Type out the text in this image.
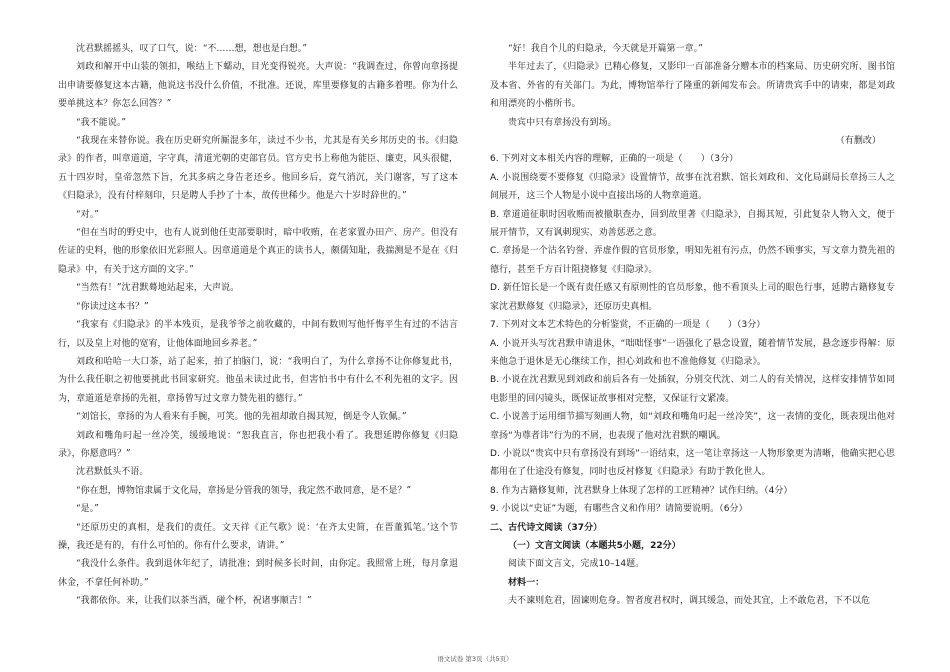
沈君默摇摇头，叹了口气，说：“不……想，想也是白想。”

刘政和解开中山装的领扣，喉结上下蠕动，目光变得锐亮。大声说：“我调查过，你曾向章扬提出申请要修复这本古籍，他说这书没什么价值，不批准。还说，库里要修复的古籍多着哩。你为什么要单挑这本？你怎么回答？”

“我不能说。”

“我现在来替你说。我在历史研究所厮混多年，读过不少书，尤其是有关乡邦历史的书。《归隐录》的作者，叫章道道，字守真，清道光朝的吏部官员。官方史书上称他为能臣、廉吏，风头很健，五十四岁时，皇帝忽然下旨，允其多病之身告老还乡。他回乡后，竟气消沉，关门谢客，写了这本《归隐录》，没有付梓刻印，只是聘人手抄了十本，故传世稀少。他是六十岁时辞世的。”

“对。”

“但在当时的野史中，也有人说到他任吏部要职时，暗中收贿，在老家置办田产、房产。但没有佐证的史料，他的形象依旧光彩照人。因章道道是个真正的读书人，颇儒知耻，我揣测是不是在《归隐录》中，有关于这方面的文字。”

“当然有！”沈君默蓦地站起来，大声说。

“你读过这本书？”

“我家有《归隐录》的半本残页，是我爷爷之前收藏的，中间有数则写他忏悔平生有过的不洁言行，以及皇上对他的宽宥，让他体面地回乡养老。”

刘政和哈哈一大口茶，站了起来，拍了拍脑门，说：“我明白了，为什么章扬不让你修复此书，为什么我任职之初他要挑此书回家研究。他虽未读过此书，但害怕书中有什么不利先祖的文字。因为，章道道是章扬的先祖，章扬曾写过文章力赞先祖的德行。”

“刘馆长，章扬的为人看来有手腕，可笑。他的先祖却敢自揭其短，倒是令人钦佩。”

刘政和嘴角叼起一丝冷笑，缓缓地说：“恕我直言，你也把我小看了。我想延聘你修复《归隐录》，你愿意吗？”

沈君默低头不语。

“你在想，博物馆隶属于文化局，章扬是分管我的领导，我定然不敢同意，是不是？”

“是。”

“还原历史的真相，是我们的责任。文天祥《正气歌》说：‘在齐太史简，在晋董狐笔。’这个节操，我还是有的，有什么可怕的。你有什么要求，请讲。”

“我没什么条件。我到退休年纪了，请批准；到时候多长时间，由你定。我照常上班，每月拿退休金，不拿任何补助。”

“我都依你。来，让我们以茶当酒，碰个杯，祝诸事顺吉！”

“好！我自个儿的归隐录，今天就是开篇第一章。”

半年过去了，《归隐录》已精心修复，又影印一百部准备分赠本市的档案局、历史研究所、图书馆及本省、外省的有关部门。为此，博物馆举行了隆重的新闻发布会。所请贵宾手中的请柬，都是刘政和用漂亮的小楷所书。

贵宾中只有章扬没有到场。

（有删改）

6. 下列对文本相关内容的理解，正确的一项是（　　）（3分）

A. 小说围绕要不要修复《归隐录》设置情节，故事在沈君默、馆长刘政和、文化局副局长章扬三人之间展开，这三个人物是小说中直接出场的人物章道道。

B. 章道道征职时因收贿而被撤职查办，回到故里著《归隐录》，自揭其短，引此复杂人物入文，便于展开情节，又有讽刺现实、劝善惩恶之意。

C. 章扬是一个沽名钓誉、弄虚作假的官员形象，明知先祖有污点，仍然不顾事实，写文章力赞先祖的德行，甚至千方百计阻挠修复《归隐录》。

D. 新任馆长是一个既有责任感又有原则性的官员形象，他不看顶头上司的眼色行事，延聘古籍修复专家沈君默修复《归隐录》，还原历史真相。

7. 下列对文本艺术特色的分析鉴赏，不正确的一项是（　　）（3分）

A. 小说开头写沈君默申请退休，“咄咄怪事”一语强化了悬念设置，随着情节发展，悬念逐步得解：原来他急于退休是无心继续工作，担心刘政和也不准他修复《归隐录》。

B. 小说在沈君默见到刘政和前后各有一处插叙，分别交代沈、刘二人的有关情况，这样安排情节如同电影里的回闪镜头，既保证故事相对完整，又保证行文紧凑。

C. 小说善于运用细节描写刻画人物，如“刘政和嘴角叼起一丝冷笑”，这一表情的变化，既表现出他对章扬“为尊者讳”行为的不屑，也表现了他对沈君默的嘲讽。

D. 小说以“贵宾中只有章扬没有到场”一语结束，这一笔让章扬这一人物形象更为清晰，他确实把心思都用在了仕途没有修复，同时也反衬修复《归隐录》有助于教化世人。

8. 作为古籍修复师，沈君默身上体现了怎样的工匠精神？试作归纳。（4分）

9. 小说以“史证”为题，有哪些含义和作用？请简要说明。（6分）

二、古代诗文阅读（37分）

（一）文言文阅读（本题共5小题，22分）

阅读下面文言文，完成10–14题。

材料一：

夫不谏则危君，固谏则危身。智者度君权时，调其缓急，而处其宜，上不敢危君，下不以危

语文试卷 第3页（共5页）
